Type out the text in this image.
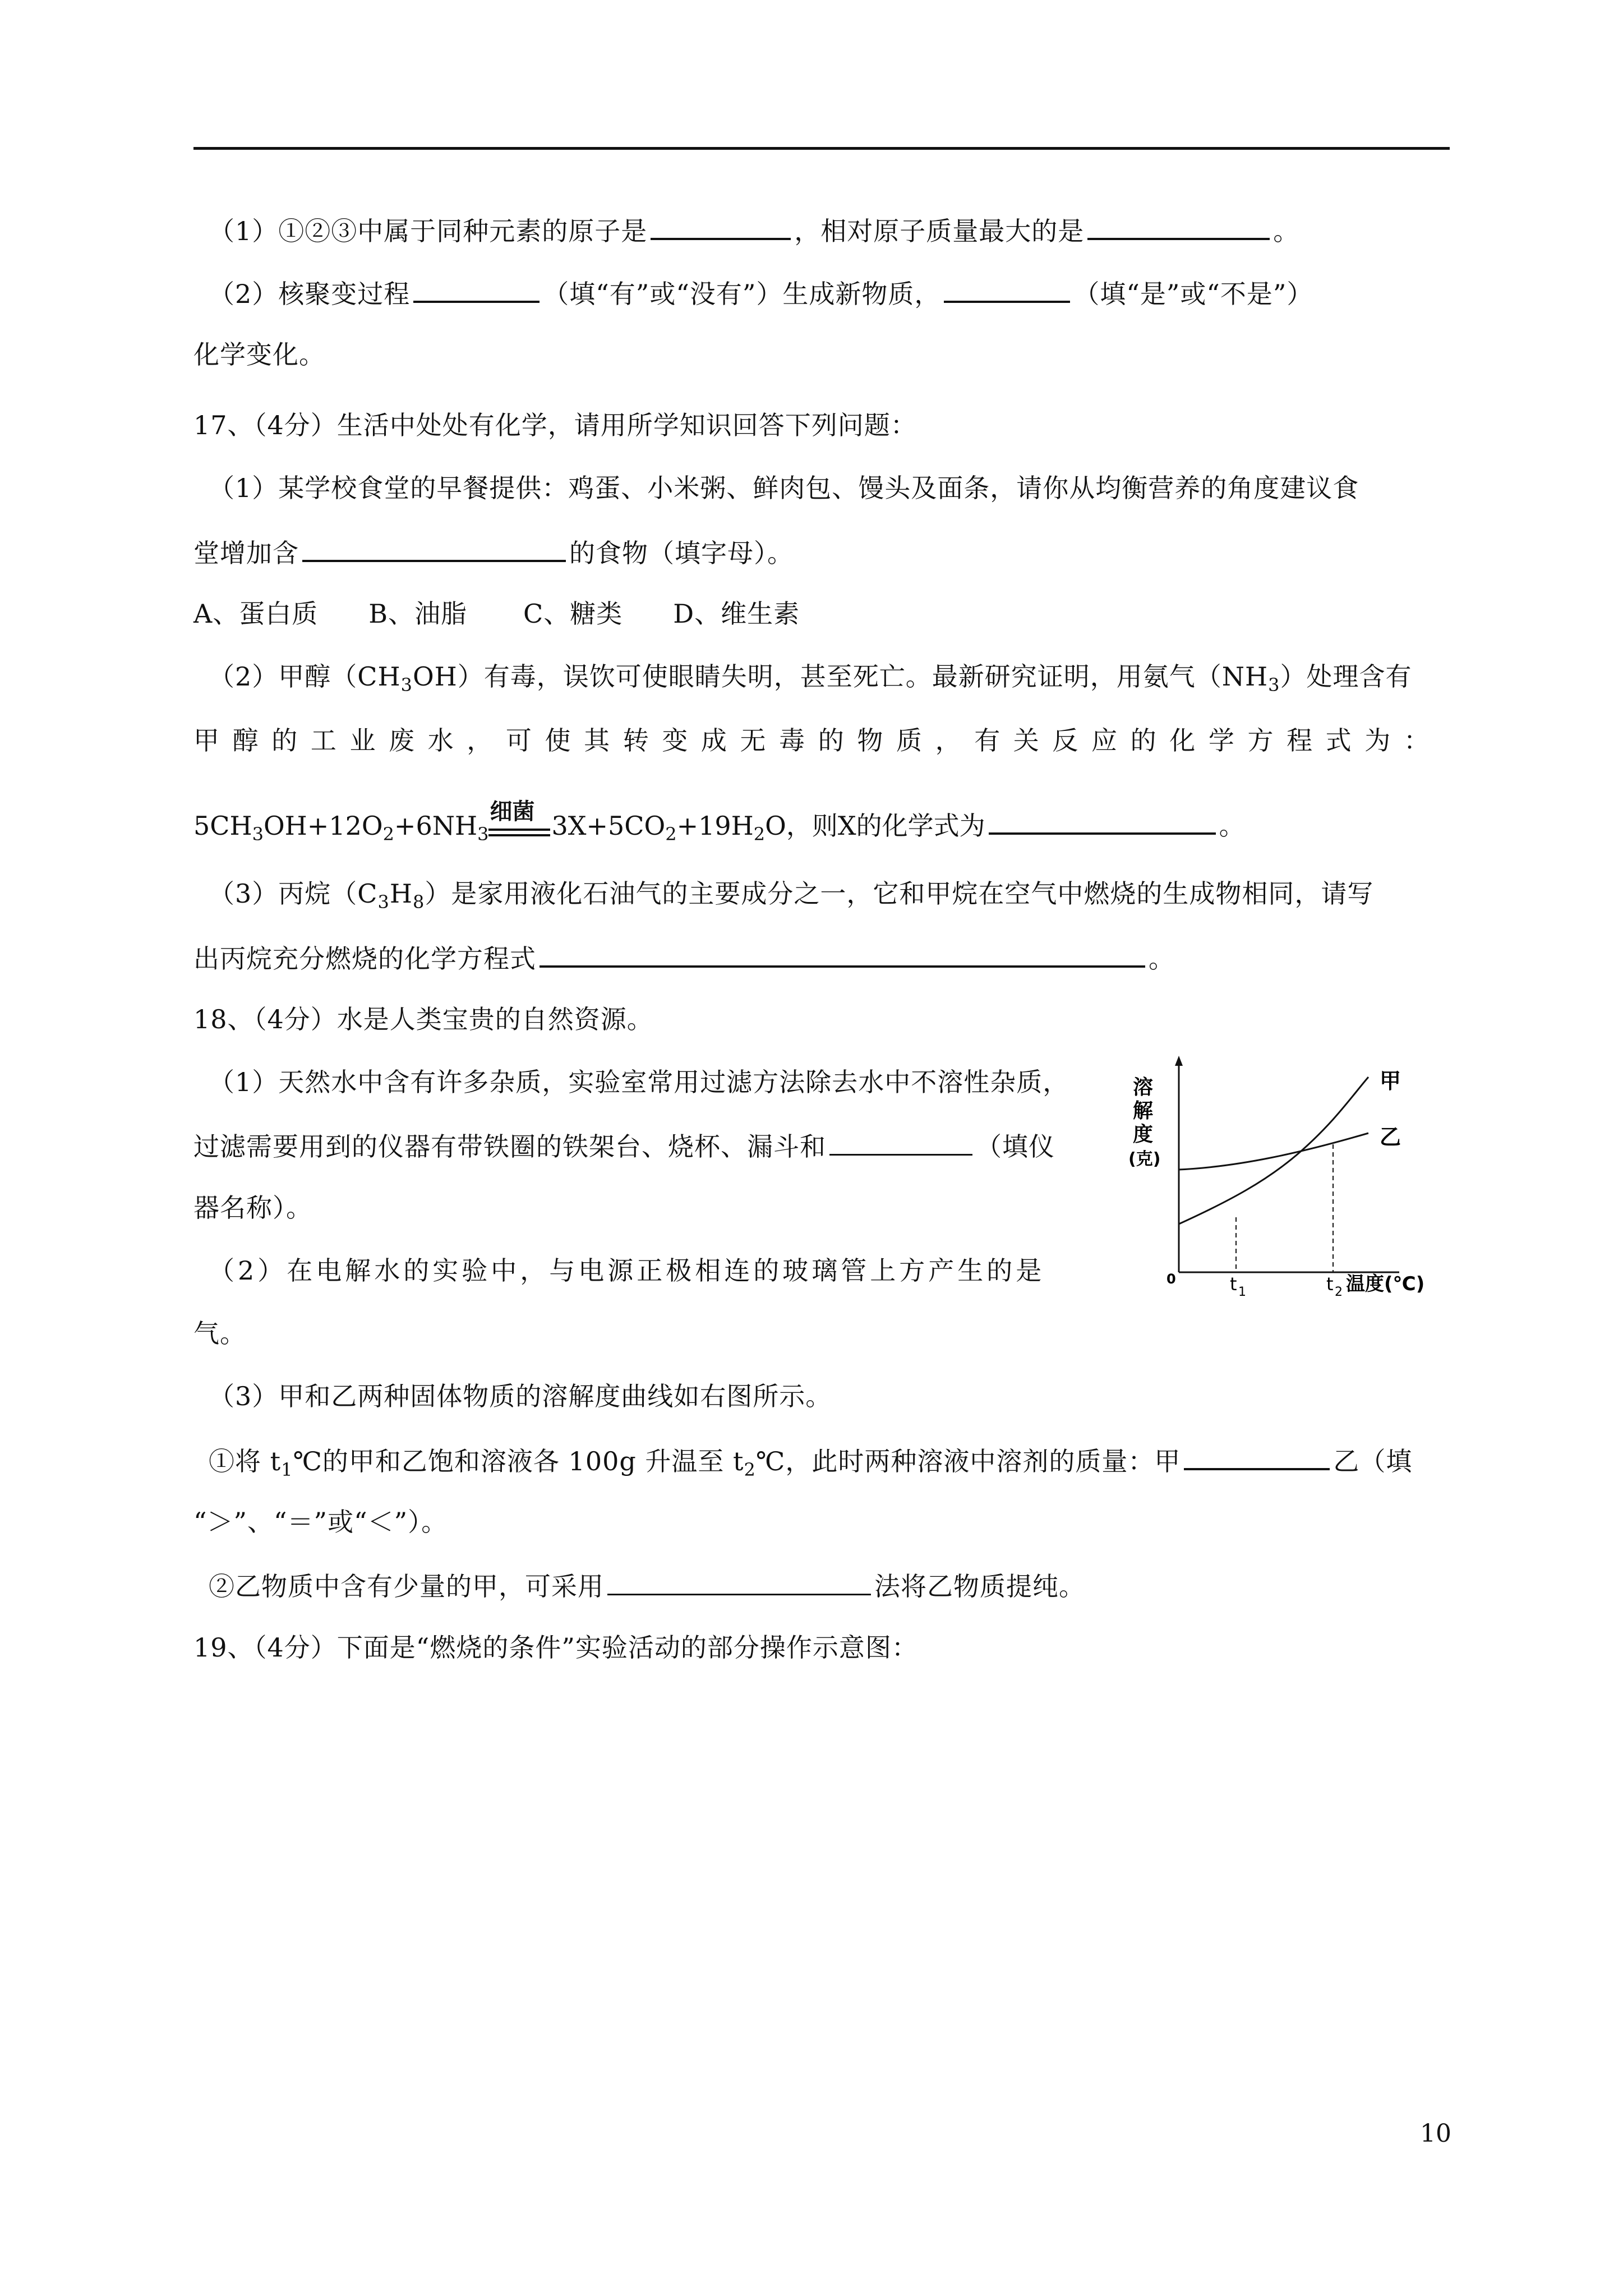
（1）①②③中属于同种元素的原子是	，相对原子质量最大的是	。
（2）核聚变过程	（填“有”或“没有”）生成新物质，	（填“是”或“不是”）
化学变化。
17、（4分）生活中处处有化学，请用所学知识回答下列问题：
（1）某学校食堂的早餐提供：鸡蛋、小米粥、鲜肉包、馒头及面条，请你从均衡营养的角度建议食
堂增加含	的食物（填字母）。
A、蛋白质 B、油脂 C、糖类 D、维生素
（2）甲醇$(CH_3OH)$有毒，误饮可使眼睛失明，甚至死亡。最新研究证明，用氨气$(NH_3)$处理含有
甲 醇 的 工 业 废 水 ， 可 使 其 转 变 成 无 毒 的 物 质 ， 有 关 反 应 的 化 学 方 程 式 为 ：
$5CH_3OH+12O_2+6NH_3$
细菌 $3X+5CO_2+19H_2O$，则X的化学式为	。
（3）丙烷$(C_3H_8)$是家用液化石油气的主要成分之一，它和甲烷在空气中燃烧的生成物相同，请写
出丙烷充分燃烧的化学方程式	。
18、（4分）水是人类宝贵的自然资源。
（1）天然水中含有许多杂质，实验室常用过滤方法除去水中不溶性杂质，
过滤需要用到的仪器有带铁圈的铁架台、烧杯、漏斗和	（填仪
器名称）。
（2）在电解水的实验中，与电源正极相连的玻璃管上方产生的是
气。
（3）甲和乙两种固体物质的溶解度曲线如右图所示。
①将 $t_1℃$的甲和乙饱和溶液各 100g 升温至 $t_2℃$，此时两种溶液中溶剂的质量：甲	乙（填
“＞”、“＝”或“＜”）。
②乙物质中含有少量的甲，可采用	法将乙物质提纯。
19、（4分）下面是“燃烧的条件”实验活动的部分操作示意图：
溶
解
度
(克)
0	t 1	t 2 温度(℃)
甲
乙
10
